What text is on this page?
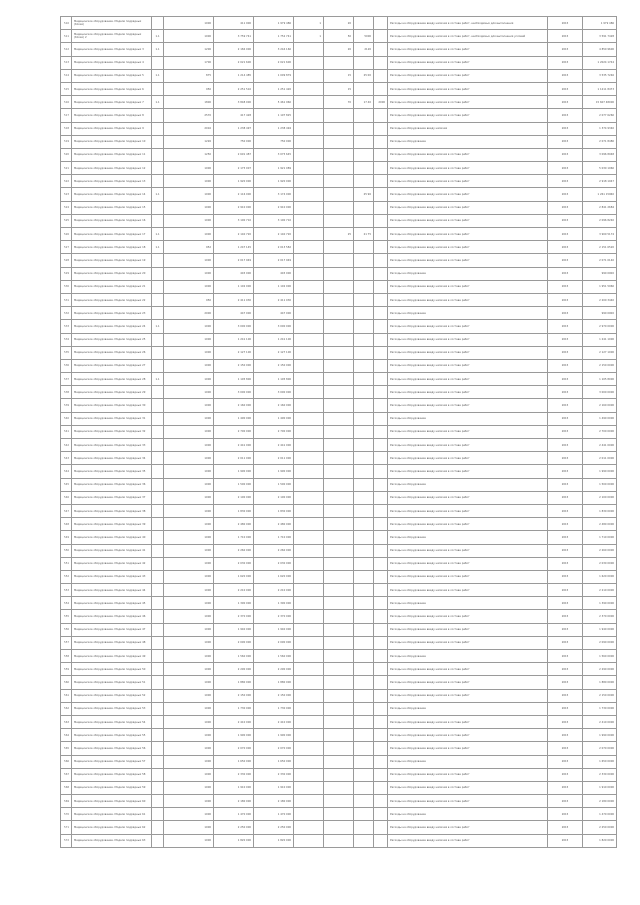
510	Медицинское оборудование. Модели подрядных (блоки)		1000	411 900	1 979 486	1	20			Расходы на оборудование ввиду наличия в составе работ, необходимых для выполнения	2015	1 979 486
511	Медицинское оборудование. Модели подрядных (блоки) 2	1.1	1000	3 759 741	1 752 741	1	50	5000		Расходы на оборудование ввиду наличия в составе работ, необходимых для выполнения условий	2015	3 591 7428
512	Медицинское оборудование. Модели подрядных 3	1.1	1200	2 184 000	3 244 160		20	2120		Расходы на оборудование ввиду наличия в составе работ	2015	4 850 9600
513	Медицинское оборудование. Модели подрядных 4		1700	2 021 600	2 021 600					Расходы на оборудование ввиду наличия в составе работ	2015	1 2024 1744
514	Медицинское оборудование. Модели подрядных 5	1.1	875	1 214 485	1 009 879		15	25 00		Расходы на оборудование ввиду наличия в составе работ	2015	3 535 7246
515	Медицинское оборудование. Модели подрядных 6		950	2 251 510	1 251 420		15			Расходы на оборудование ввиду наличия в составе работ	2015	1 1211 8473
516	Медицинское оборудование. Модели подрядных 7	1.1	1800	3 848 000	5 461 960		70	17 40	2000	Расходы на оборудование ввиду наличия в составе работ	2015	15 607 48000
517	Медицинское оборудование. Модели подрядных 8		2570	417 428	1 197 825					Расходы на оборудование ввиду наличия в составе работ	2015	2 077 6260
518	Медицинское оборудование. Модели подрядных 9		2016	1 238 497	1 238 494					Расходы на оборудование ввиду наличия	2015	1 374 9340
519	Медицинское оборудование. Модели подрядных 10		1226	750 000	750 000					Расходы на оборудование	2015	2 071 8480
520	Медицинское оборудование. Модели подрядных 11		1250	2 691 487	3 075 645					Расходы на оборудование ввиду наличия в составе работ	2015	3 096 8948
521	Медицинское оборудование. Модели подрядных 12		1000	2 175 007	1 921 089					Расходы на оборудование ввиду наличия в составе работ	2015	5 030 1960
522	Медицинское оборудование. Модели подрядных 13		1000	1 920 000	1 920 000					Расходы на оборудование ввиду наличия в составе работ	2015	2 918 1947
523	Медицинское оборудование. Модели подрядных 14	1.1	1000	2 116 000	3 174 000			25 96		Расходы на оборудование ввиду наличия в составе работ	2015	1 261 15960
524	Медицинское оборудование. Модели подрядных 15		1000	2 910 000	2 910 000					Расходы на оборудование ввиду наличия в составе работ	2015	2 841 2684
525	Медицинское оборудование. Модели подрядных 16		1000	3 100 710	3 100 710					Расходы на оборудование ввиду наличия в составе работ	2015	2 096 8240
526	Медицинское оборудование. Модели подрядных 17	1.1	1000	2 140 720	2 140 720		25	21 75		Расходы на оборудование ввиду наличия в составе работ	2015	3 900 5174
527	Медицинское оборудование. Модели подрядных 18	1.1	952	1 247 145	2 013 582					Расходы на оборудование ввиду наличия в составе работ	2015	2 151 6520
528	Медицинское оборудование. Модели подрядных 19		1000	2 017 949	2 017 949					Расходы на оборудование ввиду наличия в составе работ	2015	2 071 0140
529	Медицинское оборудование. Модели подрядных 20		1000	445 000	445 000					Расходы на оборудование	2015	990 0000
530	Медицинское оборудование. Модели подрядных 21		1000	1 102 000	1 102 000					Расходы на оборудование ввиду наличия в составе работ	2015	1 951 5960
531	Медицинское оборудование. Модели подрядных 22		950	2 411 030	2 411 030					Расходы на оборудование ввиду наличия в составе работ	2015	2 200 3440
532	Медицинское оборудование. Модели подрядных 23		2000	447 000	447 000					Расходы на оборудование	2015	990 0000
533	Медицинское оборудование. Модели подрядных 24	1.1	1000	3 000 000	3 000 000					Расходы на оборудование ввиду наличия в составе работ	2015	2 970 0000
534	Медицинское оборудование. Модели подрядных 25		1000	1 241 100	1 241 100					Расходы на оборудование ввиду наличия в составе работ	2015	1 241 1000
535	Медицинское оборудование. Модели подрядных 26		1000	2 127 100	2 127 100					Расходы на оборудование ввиду наличия в составе работ	2015	2 127 1000
536	Медицинское оборудование. Модели подрядных 27		1000	2 150 000	2 150 000					Расходы на оборудование ввиду наличия в составе работ	2015	2 150 0000
537	Медицинское оборудование. Модели подрядных 28	1.1	1000	1 105 800	1 105 800					Расходы на оборудование ввиду наличия в составе работ	2015	1 105 8000
538	Медицинское оборудование. Модели подрядных 29		1000	3 000 000	3 000 000					Расходы на оборудование ввиду наличия в составе работ	2015	3 000 0000
539	Медицинское оборудование. Модели подрядных 30		1000	2 160 000	2 160 000					Расходы на оборудование ввиду наличия в составе работ	2015	2 160 0000
540	Медицинское оборудование. Модели подрядных 31		1000	1 490 000	1 490 000					Расходы на оборудование	2015	1 490 0000
541	Медицинское оборудование. Модели подрядных 32		1000	2 700 000	2 700 000					Расходы на оборудование ввиду наличия в составе работ	2015	2 700 0000
542	Медицинское оборудование. Модели подрядных 33		1000	2 441 000	2 441 000					Расходы на оборудование ввиду наличия в составе работ	2015	2 441 0000
543	Медицинское оборудование. Модели подрядных 34		1000	2 011 000	2 011 000					Расходы на оборудование ввиду наличия в составе работ	2015	2 011 0000
544	Медицинское оборудование. Модели подрядных 35		1000	1 990 000	1 990 000					Расходы на оборудование ввиду наличия в составе работ	2015	1 990 0000
545	Медицинское оборудование. Модели подрядных 36		1000	1 500 000	1 500 000					Расходы на оборудование	2015	1 500 0000
546	Медицинское оборудование. Модели подрядных 37		1000	2 100 000	2 100 000					Расходы на оборудование ввиду наличия в составе работ	2015	2 100 0000
547	Медицинское оборудование. Модели подрядных 38		1000	1 830 000	1 830 000					Расходы на оборудование ввиду наличия в составе работ	2015	1 830 0000
548	Медицинское оборудование. Модели подрядных 39		1000	2 480 000	2 480 000					Расходы на оборудование ввиду наличия в составе работ	2015	2 480 0000
549	Медицинское оборудование. Модели подрядных 40		1000	1 710 000	1 710 000					Расходы на оборудование	2015	1 710 0000
550	Медицинское оборудование. Модели подрядных 41		1000	2 260 000	2 260 000					Расходы на оборудование ввиду наличия в составе работ	2015	2 260 0000
551	Медицинское оборудование. Модели подрядных 42		1000	2 030 000	2 030 000					Расходы на оборудование ввиду наличия в составе работ	2015	2 030 0000
552	Медицинское оборудование. Модели подрядных 43		1000	1 620 000	1 620 000					Расходы на оборудование ввиду наличия в составе работ	2015	1 620 0000
553	Медицинское оборудование. Модели подрядных 44		1000	2 210 000	2 210 000					Расходы на оборудование ввиду наличия в составе работ	2015	2 210 0000
554	Медицинское оборудование. Модели подрядных 45		1000	1 390 000	1 390 000					Расходы на оборудование	2015	1 390 0000
555	Медицинское оборудование. Модели подрядных 46		1000	2 370 000	2 370 000					Расходы на оборудование ввиду наличия в составе работ	2015	2 370 0000
556	Медицинское оборудование. Модели подрядных 47		1000	1 940 000	1 940 000					Расходы на оборудование ввиду наличия в составе работ	2015	1 940 0000
557	Медицинское оборудование. Модели подрядных 48		1000	2 090 000	2 090 000					Расходы на оборудование ввиду наличия в составе работ	2015	2 090 0000
558	Медицинское оборудование. Модели подрядных 49		1000	1 560 000	1 560 000					Расходы на оборудование	2015	1 560 0000
559	Медицинское оборудование. Модели подрядных 50		1000	2 290 000	2 290 000					Расходы на оборудование ввиду наличия в составе работ	2015	2 290 0000
560	Медицинское оборудование. Модели подрядных 51		1000	1 880 000	1 880 000					Расходы на оборудование ввиду наличия в составе работ	2015	1 880 0000
561	Медицинское оборудование. Модели подрядных 52		1000	2 150 000	2 150 000					Расходы на оборудование ввиду наличия в составе работ	2015	2 150 0000
562	Медицинское оборудование. Модели подрядных 53		1000	1 730 000	1 730 000					Расходы на оборудование	2015	1 730 0000
563	Медицинское оборудование. Модели подрядных 54		1000	2 410 000	2 410 000					Расходы на оборудование ввиду наличия в составе работ	2015	2 410 0000
564	Медицинское оборудование. Модели подрядных 55		1000	1 990 000	1 990 000					Расходы на оборудование ввиду наличия в составе работ	2015	1 990 0000
565	Медицинское оборудование. Модели подрядных 56		1000	2 070 000	2 070 000					Расходы на оборудование ввиду наличия в составе работ	2015	2 070 0000
566	Медицинское оборудование. Модели подрядных 57		1000	1 650 000	1 650 000					Расходы на оборудование	2015	1 650 0000
567	Медицинское оборудование. Модели подрядных 58		1000	2 330 000	2 330 000					Расходы на оборудование ввиду наличия в составе работ	2015	2 330 0000
568	Медицинское оборудование. Модели подрядных 59		1000	1 910 000	1 910 000					Расходы на оборудование ввиду наличия в составе работ	2015	1 910 0000
569	Медицинское оборудование. Модели подрядных 60		1000	2 180 000	2 180 000					Расходы на оборудование ввиду наличия в составе работ	2015	2 180 0000
570	Медицинское оборудование. Модели подрядных 61		1000	1 470 000	1 470 000					Расходы на оборудование	2015	1 470 0000
571	Медицинское оборудование. Модели подрядных 62		1000	2 250 000	2 250 000					Расходы на оборудование ввиду наличия в составе работ	2015	2 250 0000
572	Медицинское оборудование. Модели подрядных 63		1000	1 820 000	1 820 000					Расходы на оборудование ввиду наличия в составе работ	2015	1 820 0000
